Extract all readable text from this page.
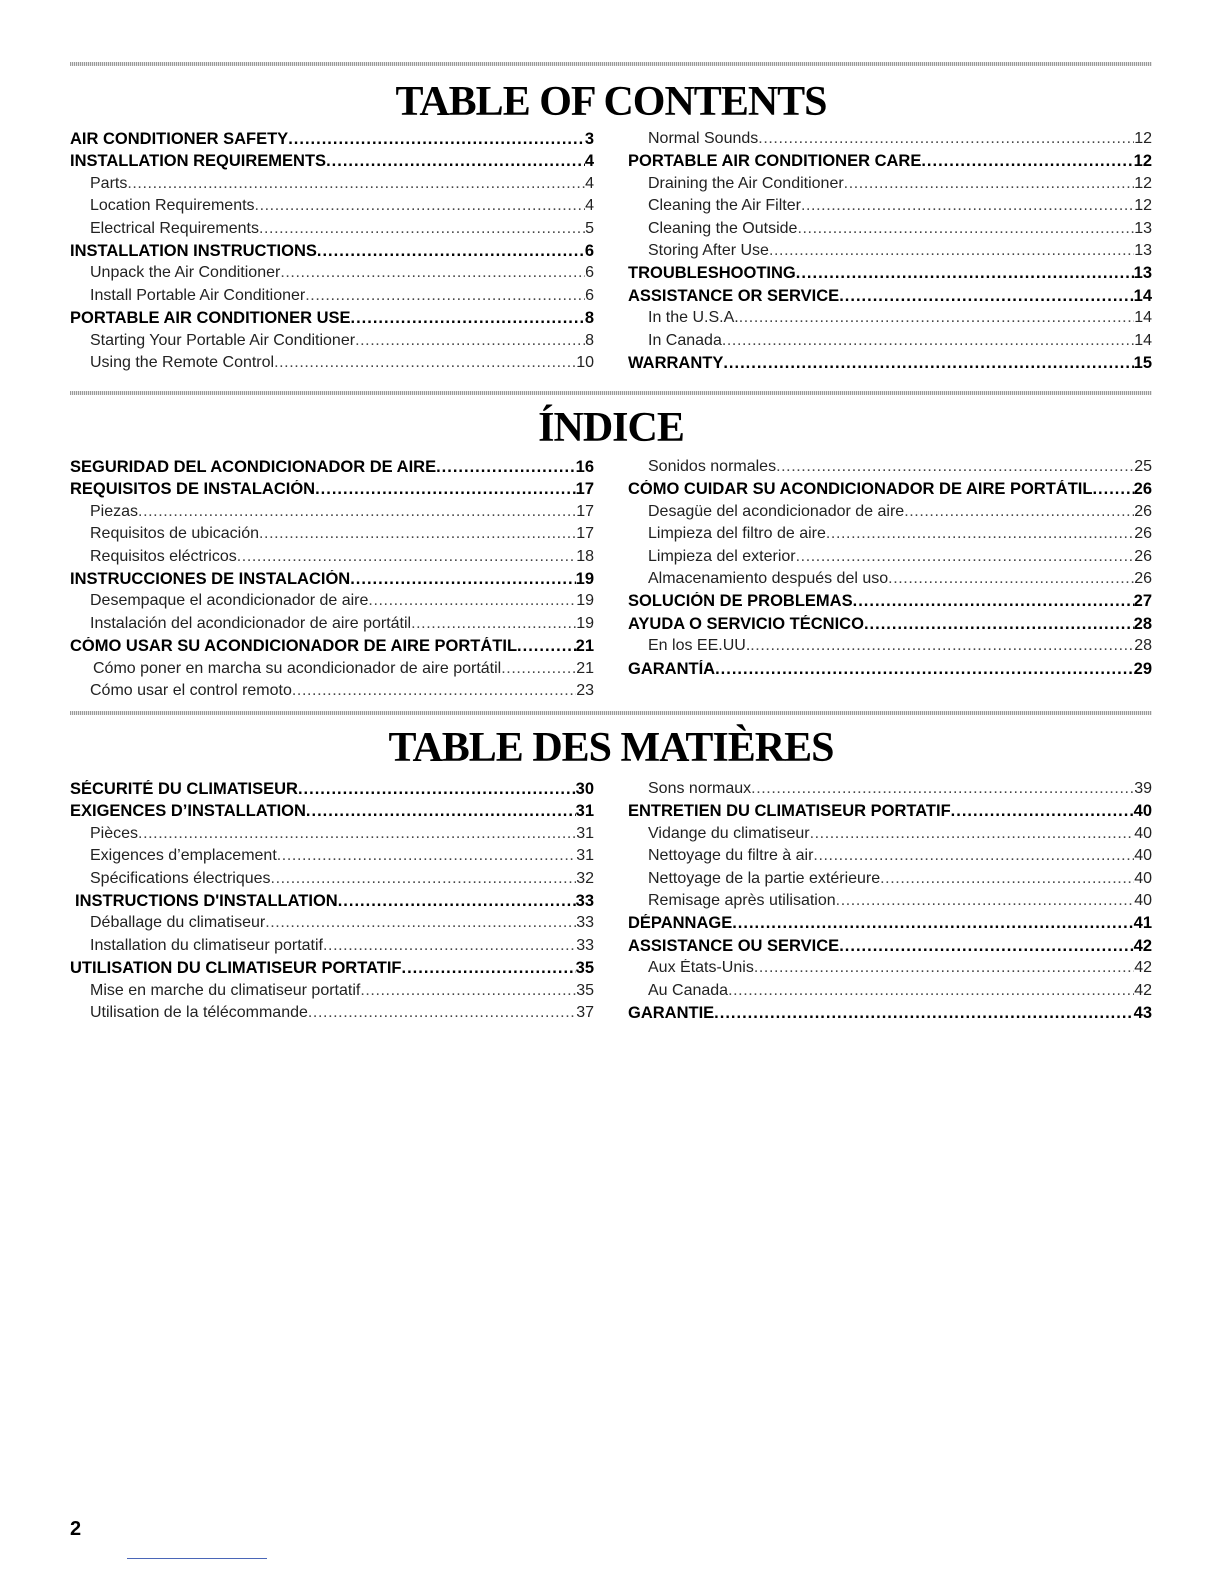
TABLE OF CONTENTS
AIR CONDITIONER SAFETY .....	3
INSTALLATION REQUIREMENTS .....	4
Parts .....	4
Location Requirements .....	4
Electrical Requirements .....	5
INSTALLATION INSTRUCTIONS .....	6
Unpack the Air Conditioner .....	6
Install Portable Air Conditioner .....	6
PORTABLE AIR CONDITIONER USE .....	8
Starting Your Portable Air Conditioner .....	8
Using the Remote Control .....	10
Normal Sounds .....	12
PORTABLE AIR CONDITIONER CARE .....	12
Draining the Air Conditioner .....	12
Cleaning the Air Filter .....	12
Cleaning the Outside .....	13
Storing After Use .....	13
TROUBLESHOOTING .....	13
ASSISTANCE OR SERVICE .....	14
In the U.S.A. .....	14
In Canada .....	14
WARRANTY .....	15
ÍNDICE
SEGURIDAD DEL ACONDICIONADOR DE AIRE .....	16
REQUISITOS DE INSTALACIÓN .....	17
Piezas .....	17
Requisitos de ubicación .....	17
Requisitos eléctricos .....	18
INSTRUCCIONES DE INSTALACIÓN .....	19
Desempaque el acondicionador de aire .....	19
Instalación del acondicionador de aire portátil .....	19
CÓMO USAR SU ACONDICIONADOR DE AIRE PORTÁTIL .....	21
Cómo poner en marcha su acondicionador de aire portátil .....	21
Cómo usar el control remoto .....	23
Sonidos normales .....	25
CÓMO CUIDAR SU ACONDICIONADOR DE AIRE PORTÁTIL ..... 26
Desagüe del acondicionador de aire .....	26
Limpieza del filtro de aire .....	26
Limpieza del exterior .....	26
Almacenamiento después del uso .....	26
SOLUCIÓN DE PROBLEMAS .....	27
AYUDA O SERVICIO TÉCNICO .....	28
En los EE.UU. .....	28
GARANTÍA .....	29
TABLE DES MATIÈRES
SÉCURITÉ DU CLIMATISEUR .....	30
EXIGENCES D’INSTALLATION .....	31
Pièces .....	31
Exigences d’emplacement .....	31
Spécifications électriques .....	32
INSTRUCTIONS D'INSTALLATION .....	33
Déballage du climatiseur .....	33
Installation du climatiseur portatif .....	33
UTILISATION DU CLIMATISEUR PORTATIF .....	35
Mise en marche du climatiseur portatif .....	35
Utilisation de la télécommande .....	37
Sons normaux .....	39
ENTRETIEN DU CLIMATISEUR PORTATIF .....	40
Vidange du climatiseur .....	40
Nettoyage du filtre à air .....	40
Nettoyage de la partie extérieure .....	40
Remisage après utilisation .....	40
DÉPANNAGE .....	41
ASSISTANCE OU SERVICE .....	42
Aux États-Unis .....	42
Au Canada .....	42
GARANTIE .....	43
2
